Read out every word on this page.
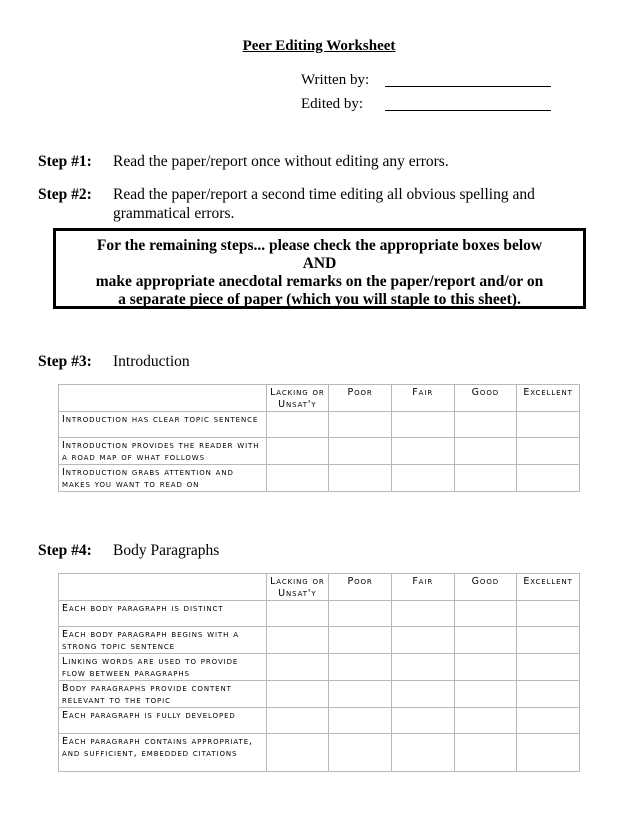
Peer Editing Worksheet
Written by:
Edited by:
Step #1: Read the paper/report once without editing any errors.
Step #2: Read the paper/report a second time editing all obvious spelling and grammatical errors.
For the remaining steps... please check the appropriate boxes below
AND
make appropriate anecdotal remarks on the paper/report and/or on
a separate piece of paper (which you will staple to this sheet).
Step #3: Introduction
	Lacking or Unsat'y	Poor	Fair	Good	Excellent
Introduction has clear topic sentence					
Introduction provides the reader with a road map of what follows					
Introduction grabs attention and makes you want to read on					
Step #4: Body Paragraphs
	Lacking or Unsat'y	Poor	Fair	Good	Excellent
Each body paragraph is distinct					
Each body paragraph begins with a strong topic sentence					
Linking words are used to provide flow between paragraphs					
Body paragraphs provide content relevant to the topic					
Each paragraph is fully developed					
Each paragraph contains appropriate, and sufficient, embedded citations					
